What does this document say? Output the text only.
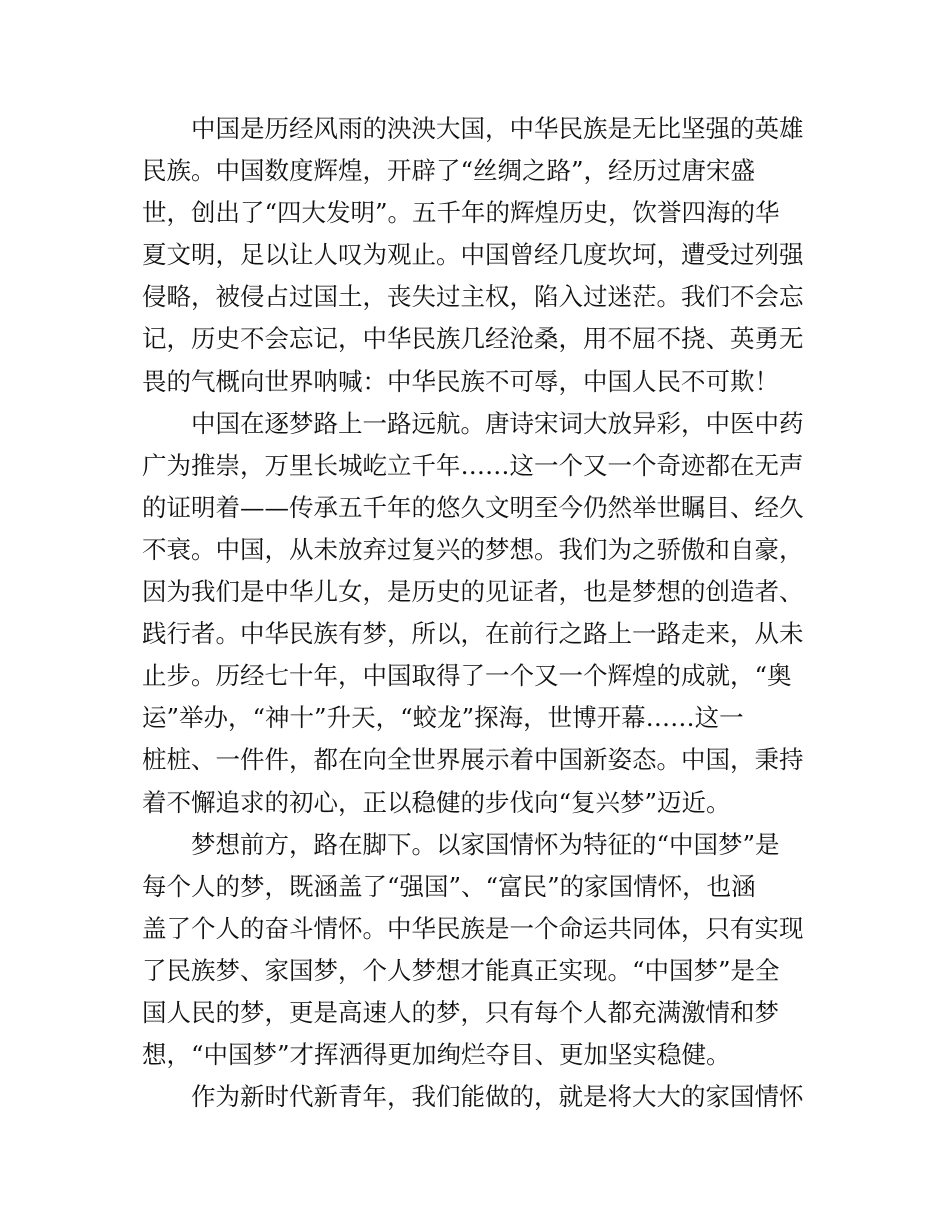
中国是历经风雨的泱泱大国，中华民族是无比坚强的英雄
民族。中国数度辉煌，开辟了“丝绸之路”，经历过唐宋盛
世，创出了“四大发明”。五千年的辉煌历史，饮誉四海的华
夏文明，足以让人叹为观止。中国曾经几度坎坷，遭受过列强
侵略，被侵占过国土，丧失过主权，陷入过迷茫。我们不会忘
记，历史不会忘记，中华民族几经沧桑，用不屈不挠、英勇无
畏的气概向世界呐喊：中华民族不可辱，中国人民不可欺！
中国在逐梦路上一路远航。唐诗宋词大放异彩，中医中药
广为推崇，万里长城屹立千年……这一个又一个奇迹都在无声
的证明着——传承五千年的悠久文明至今仍然举世瞩目、经久
不衰。中国，从未放弃过复兴的梦想。我们为之骄傲和自豪，
因为我们是中华儿女，是历史的见证者，也是梦想的创造者、
践行者。中华民族有梦，所以，在前行之路上一路走来，从未
止步。历经七十年，中国取得了一个又一个辉煌的成就，“奥
运”举办，“神十”升天，“蛟龙”探海，世博开幕……这一
桩桩、一件件，都在向全世界展示着中国新姿态。中国，秉持
着不懈追求的初心，正以稳健的步伐向“复兴梦”迈近。
梦想前方，路在脚下。以家国情怀为特征的“中国梦”是
每个人的梦，既涵盖了“强国”、“富民”的家国情怀，也涵
盖了个人的奋斗情怀。中华民族是一个命运共同体，只有实现
了民族梦、家国梦，个人梦想才能真正实现。“中国梦”是全
国人民的梦，更是高速人的梦，只有每个人都充满激情和梦
想，“中国梦”才挥洒得更加绚烂夺目、更加坚实稳健。
作为新时代新青年，我们能做的，就是将大大的家国情怀
